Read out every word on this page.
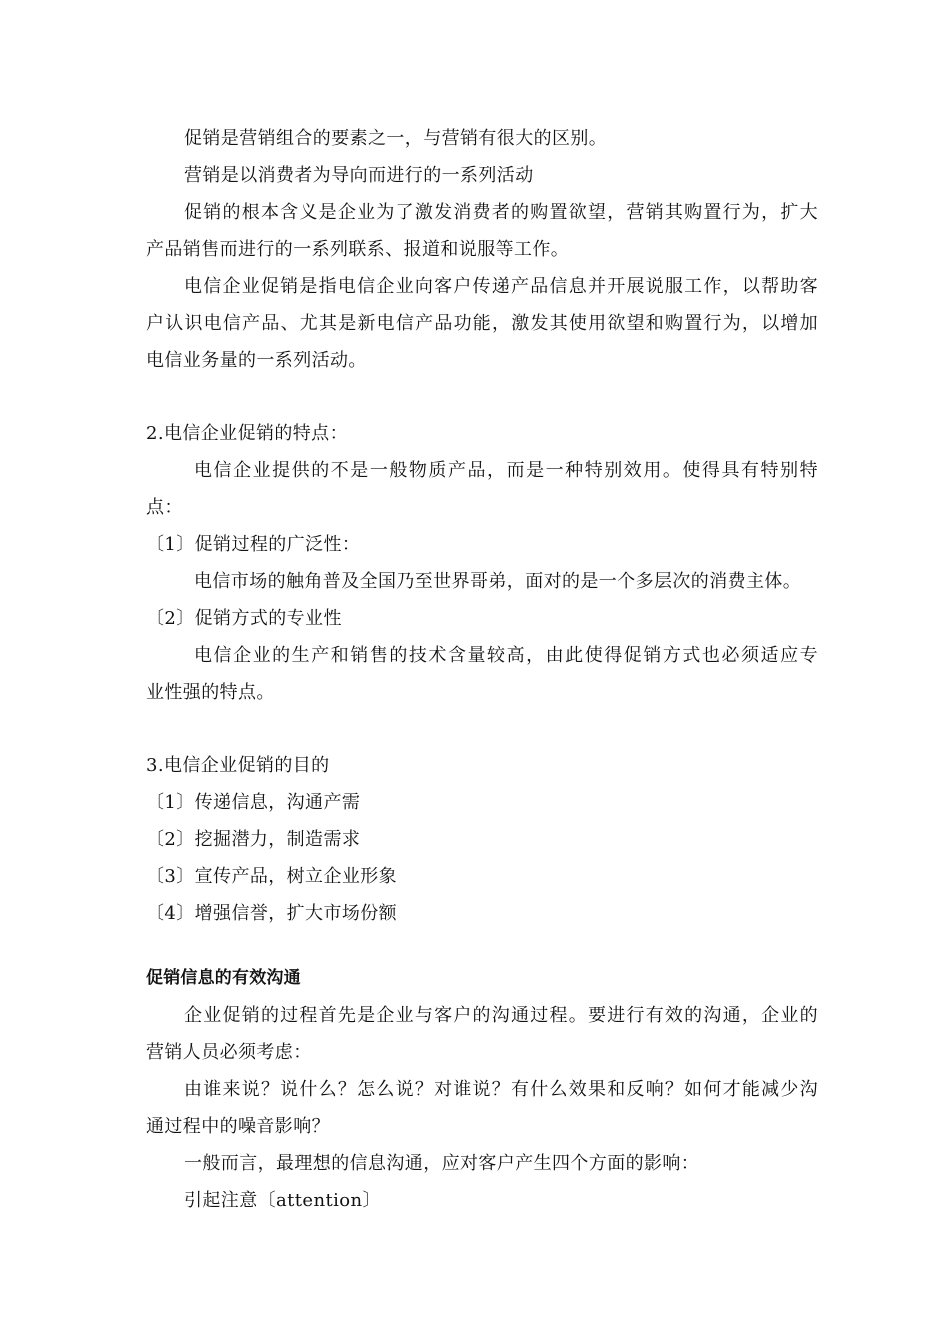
促销是营销组合的要素之一，与营销有很大的区别。
营销是以消费者为导向而进行的一系列活动
促销的根本含义是企业为了激发消费者的购置欲望，营销其购置行为，扩大
产品销售而进行的一系列联系、报道和说服等工作。
电信企业促销是指电信企业向客户传递产品信息并开展说服工作，以帮助客
户认识电信产品、尤其是新电信产品功能，激发其使用欲望和购置行为，以增加
电信业务量的一系列活动。
2.电信企业促销的特点：
电信企业提供的不是一般物质产品，而是一种特别效用。使得具有特别特
点：
〔1〕促销过程的广泛性：
电信市场的触角普及全国乃至世界哥弟，面对的是一个多层次的消费主体。
〔2〕促销方式的专业性
电信企业的生产和销售的技术含量较高，由此使得促销方式也必须适应专
业性强的特点。
3.电信企业促销的目的
〔1〕传递信息，沟通产需
〔2〕挖掘潜力，制造需求
〔3〕宣传产品，树立企业形象
〔4〕增强信誉，扩大市场份额
促销信息的有效沟通
企业促销的过程首先是企业与客户的沟通过程。要进行有效的沟通，企业的
营销人员必须考虑：
由谁来说？说什么？怎么说？对谁说？有什么效果和反响？如何才能减少沟
通过程中的噪音影响？
一般而言，最理想的信息沟通，应对客户产生四个方面的影响：
引起注意〔attention〕
